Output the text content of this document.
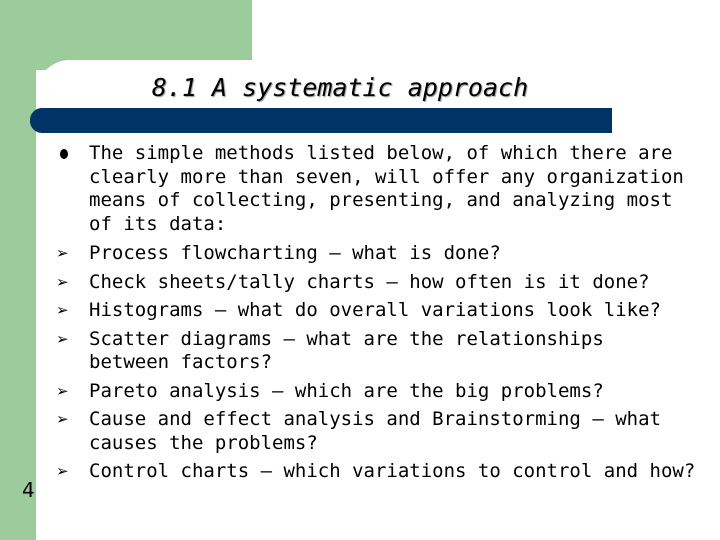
8.1 A systematic approach
The simple methods listed below, of which there are
clearly more than seven, will offer any organization
means of collecting, presenting, and analyzing most
of its data:
➢	Process flowcharting – what is done?
➢	Check sheets/tally charts – how often is it done?
➢	Histograms – what do overall variations look like?
➢	Scatter diagrams – what are the relationships
between factors?
➢	Pareto analysis – which are the big problems?
➢	Cause and effect analysis and Brainstorming – what
causes the problems?
➢	Control charts – which variations to control and how?
4
